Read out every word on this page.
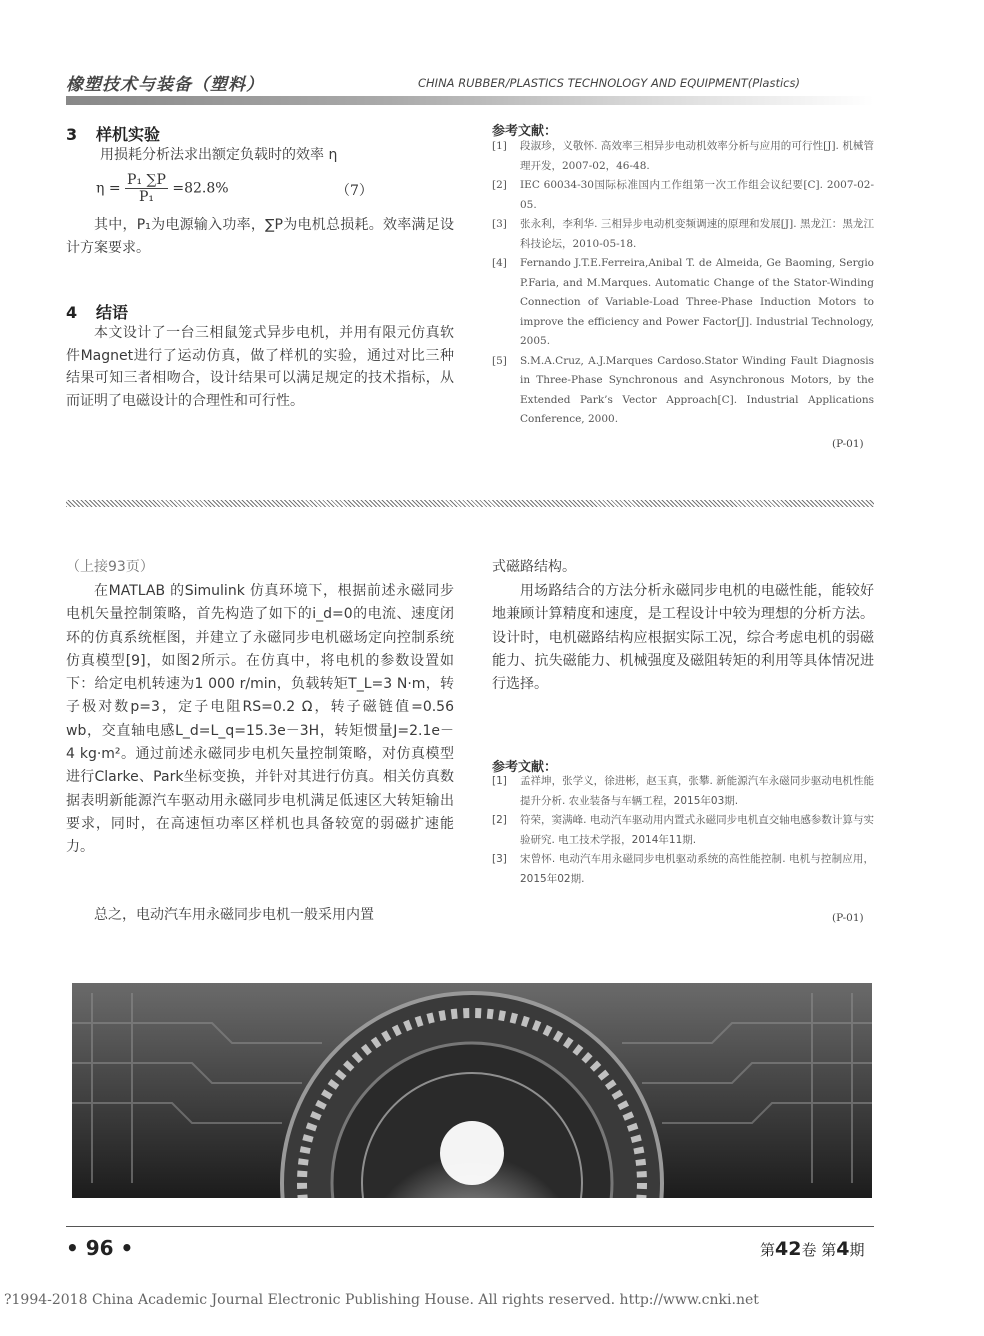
橡塑技术与装备（塑料）	CHINA RUBBER/PLASTICS TECHNOLOGY AND EQUIPMENT(Plastics)
3 样机实验
用损耗分析法求出额定负载时的效率 η
$\eta = \frac{\text{P₁ ∑P}}{\text{P₁}} =82.8\%$	（7）
其中，P₁为电源输入功率，∑P为电机总损耗。效率满足设计方案要求。
4 结语
本文设计了一台三相鼠笼式异步电机，并用有限元仿真软件Magnet进行了运动仿真，做了样机的实验，通过对比三种结果可知三者相吻合，设计结果可以满足规定的技术指标，从而证明了电磁设计的合理性和可行性。
参考文献：
[1]	段淑珍，义敬怀. 高效率三相异步电动机效率分析与应用的可行性[J]. 机械管理开发，2007-02，46-48.
[2]	IEC 60034-30国际标准国内工作组第一次工作组会议纪要[C]. 2007-02-05.
[3]	张永利，李利华. 三相异步电动机变频调速的原理和发展[J]. 黑龙江：黑龙江科技论坛，2010-05-18.
[4]	Fernando J.T.E.Ferreira,Anibal T. de Almeida, Ge Baoming, Sergio P.Faria, and M.Marques. Automatic Change of the Stator-Winding Connection of Variable-Load Three-Phase Induction Motors to improve the efficiency and Power Factor[J]. Industrial Technology, 2005.
[5]	S.M.A.Cruz, A.J.Marques Cardoso.Stator Winding Fault Diagnosis in Three-Phase Synchronous and Asynchronous Motors, by the Extended Park’s Vector Approach[C]. Industrial Applications Conference, 2000.
(P-01)
（上接93页）
在MATLAB 的Simulink 仿真环境下，根据前述永磁同步电机矢量控制策略，首先构造了如下的i_d=0的电流、速度闭环的仿真系统框图，并建立了永磁同步电机磁场定向控制系统仿真模型[9]，如图2所示。在仿真中，将电机的参数设置如下：给定电机转速为1 000 r/min，负载转矩T_L=3 N·m，转子极对数p=3，定子电阻RS=0.2 Ω，转子磁链值=0.56 wb，交直轴电感L_d=L_q=15.3e－3H，转矩惯量J=2.1e－4 kg·m²。通过前述永磁同步电机矢量控制策略，对仿真模型进行Clarke、Park坐标变换，并针对其进行仿真。相关仿真数据表明新能源汽车驱动用永磁同步电机满足低速区大转矩输出要求，同时，在高速恒功率区样机也具备较宽的弱磁扩速能力。
总之，电动汽车用永磁同步电机一般采用内置
式磁路结构。
用场路结合的方法分析永磁同步电机的电磁性能，能较好地兼顾计算精度和速度，是工程设计中较为理想的分析方法。设计时，电机磁路结构应根据实际工况，综合考虑电机的弱磁能力、抗失磁能力、机械强度及磁阻转矩的利用等具体情况进行选择。
参考文献：
[1]	孟祥坤，张学义，徐进彬，赵玉真，张攀. 新能源汽车永磁同步驱动电机性能提升分析. 农业装备与车辆工程，2015年03期.
[2]	符荣，窦满峰. 电动汽车驱动用内置式永磁同步电机直交轴电感参数计算与实验研究. 电工技术学报，2014年11期.
[3]	宋曾怀. 电动汽车用永磁同步电机驱动系统的高性能控制. 电机与控制应用，2015年02期.
(P-01)
• 96 •	第42卷 第4期
?1994-2018 China Academic Journal Electronic Publishing House. All rights reserved. http://www.cnki.net
